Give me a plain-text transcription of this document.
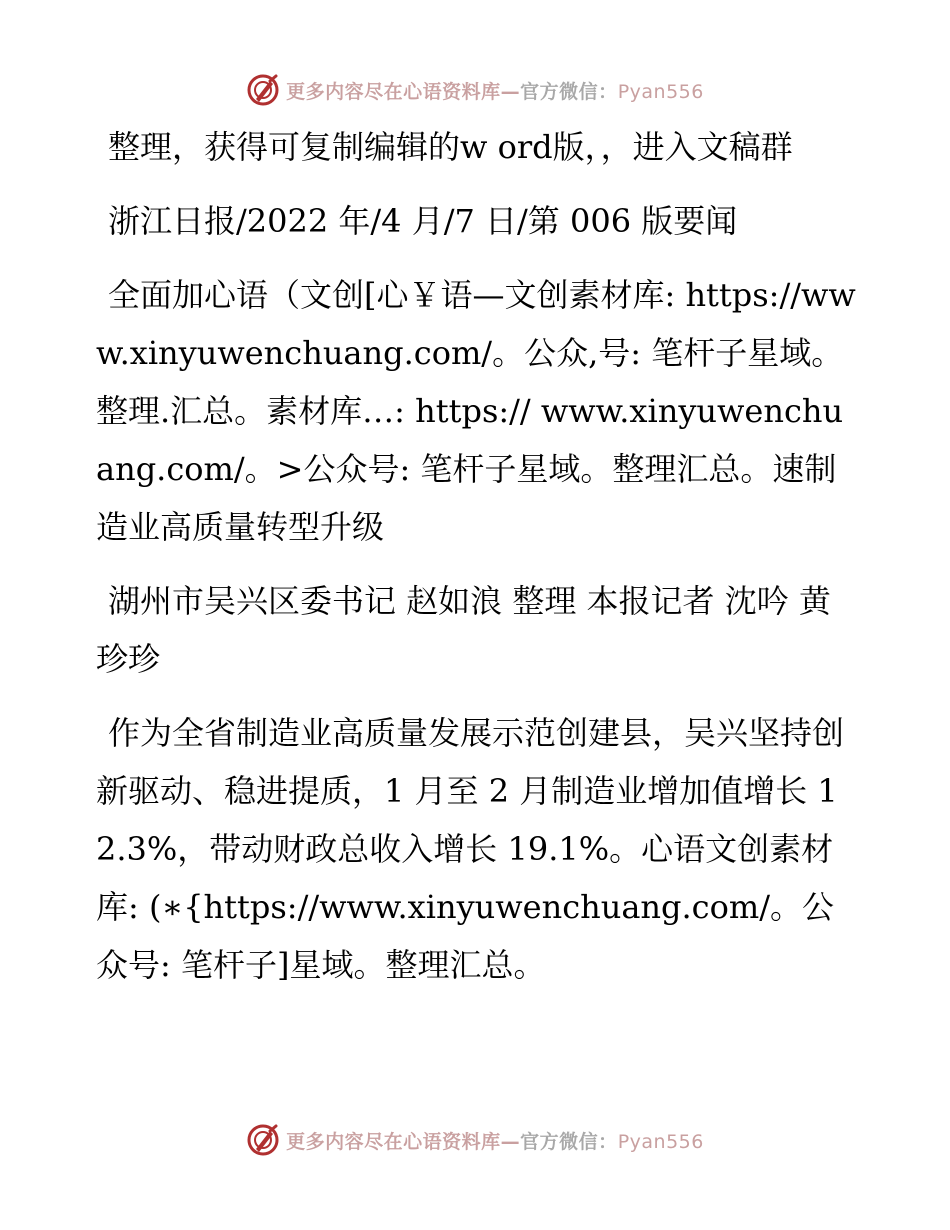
更多内容尽在心语资料库—官方微信：Pyan556

整理，获得可复制编辑的w ord版，，进入文稿群

浙江日报/2022 年/4 月/7 日/第 006 版要闻

全面加心语（文创[心￥语—文创素材库: https://www.xinyuwenchuang.com/。公众,号: 笔杆子星域。整理.汇总。素材库…: https:// www.xinyuwenchuang.com/。>公众号: 笔杆子星域。整理汇总。速制造业高质量转型升级

湖州市吴兴区委书记 赵如浪 整理 本报记者 沈吟 黄珍珍

作为全省制造业高质量发展示范创建县，吴兴坚持创新驱动、稳进提质，1 月至 2 月制造业增加值增长 12.3%，带动财政总收入增长 19.1%。心语文创素材库: (∗{https://www.xinyuwenchuang.com/。公众号: 笔杆子]星域。整理汇总。

更多内容尽在心语资料库—官方微信：Pyan556
